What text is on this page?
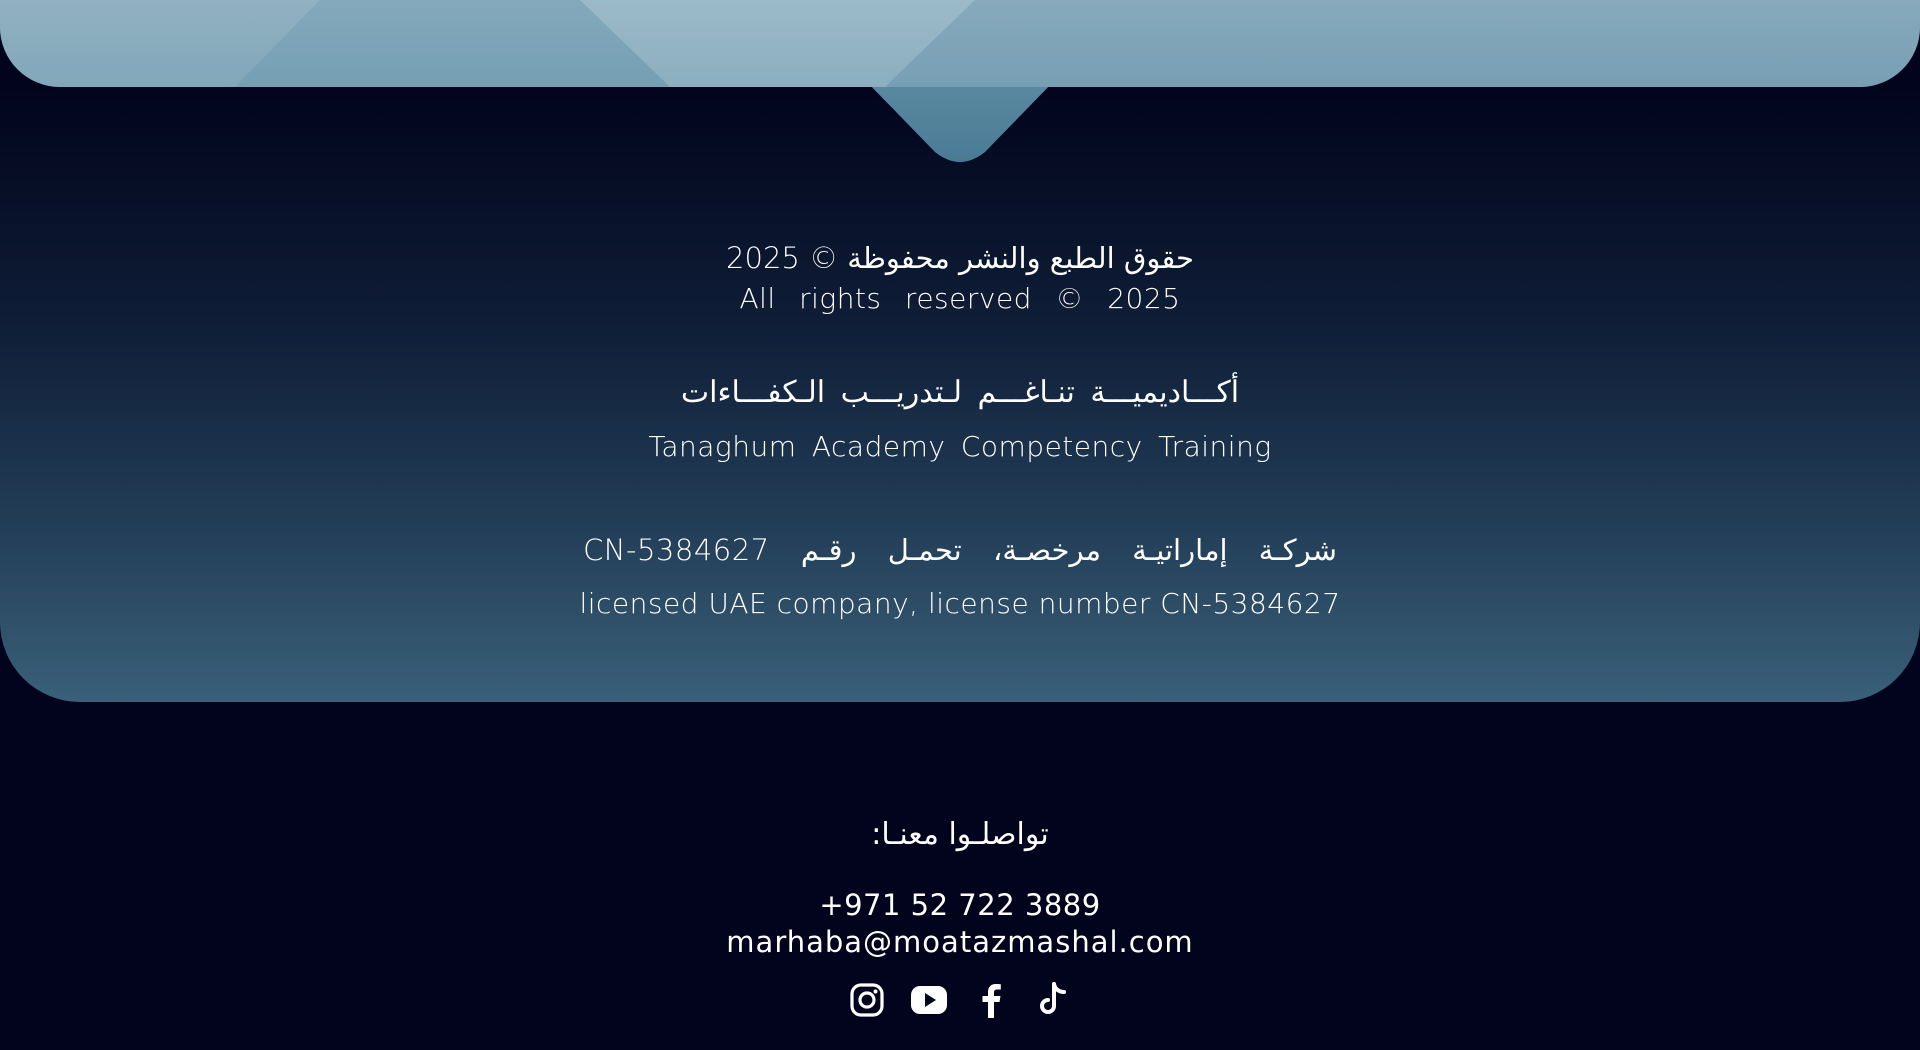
حقوق الطبع والنشر محفوظة © 2025
All rights reserved © 2025
أكـــاديميـــة تنـاغـــم لـتدريـــب الـكفـــاءات
Tanaghum Academy Competency Training
شركـة إماراتيـة مرخصـة، تحمـل رقـم CN-5384627
licensed UAE company, license number CN-5384627
تواصلـوا معنـا:
+971 52 722 3889
marhaba@moatazmashal.com
